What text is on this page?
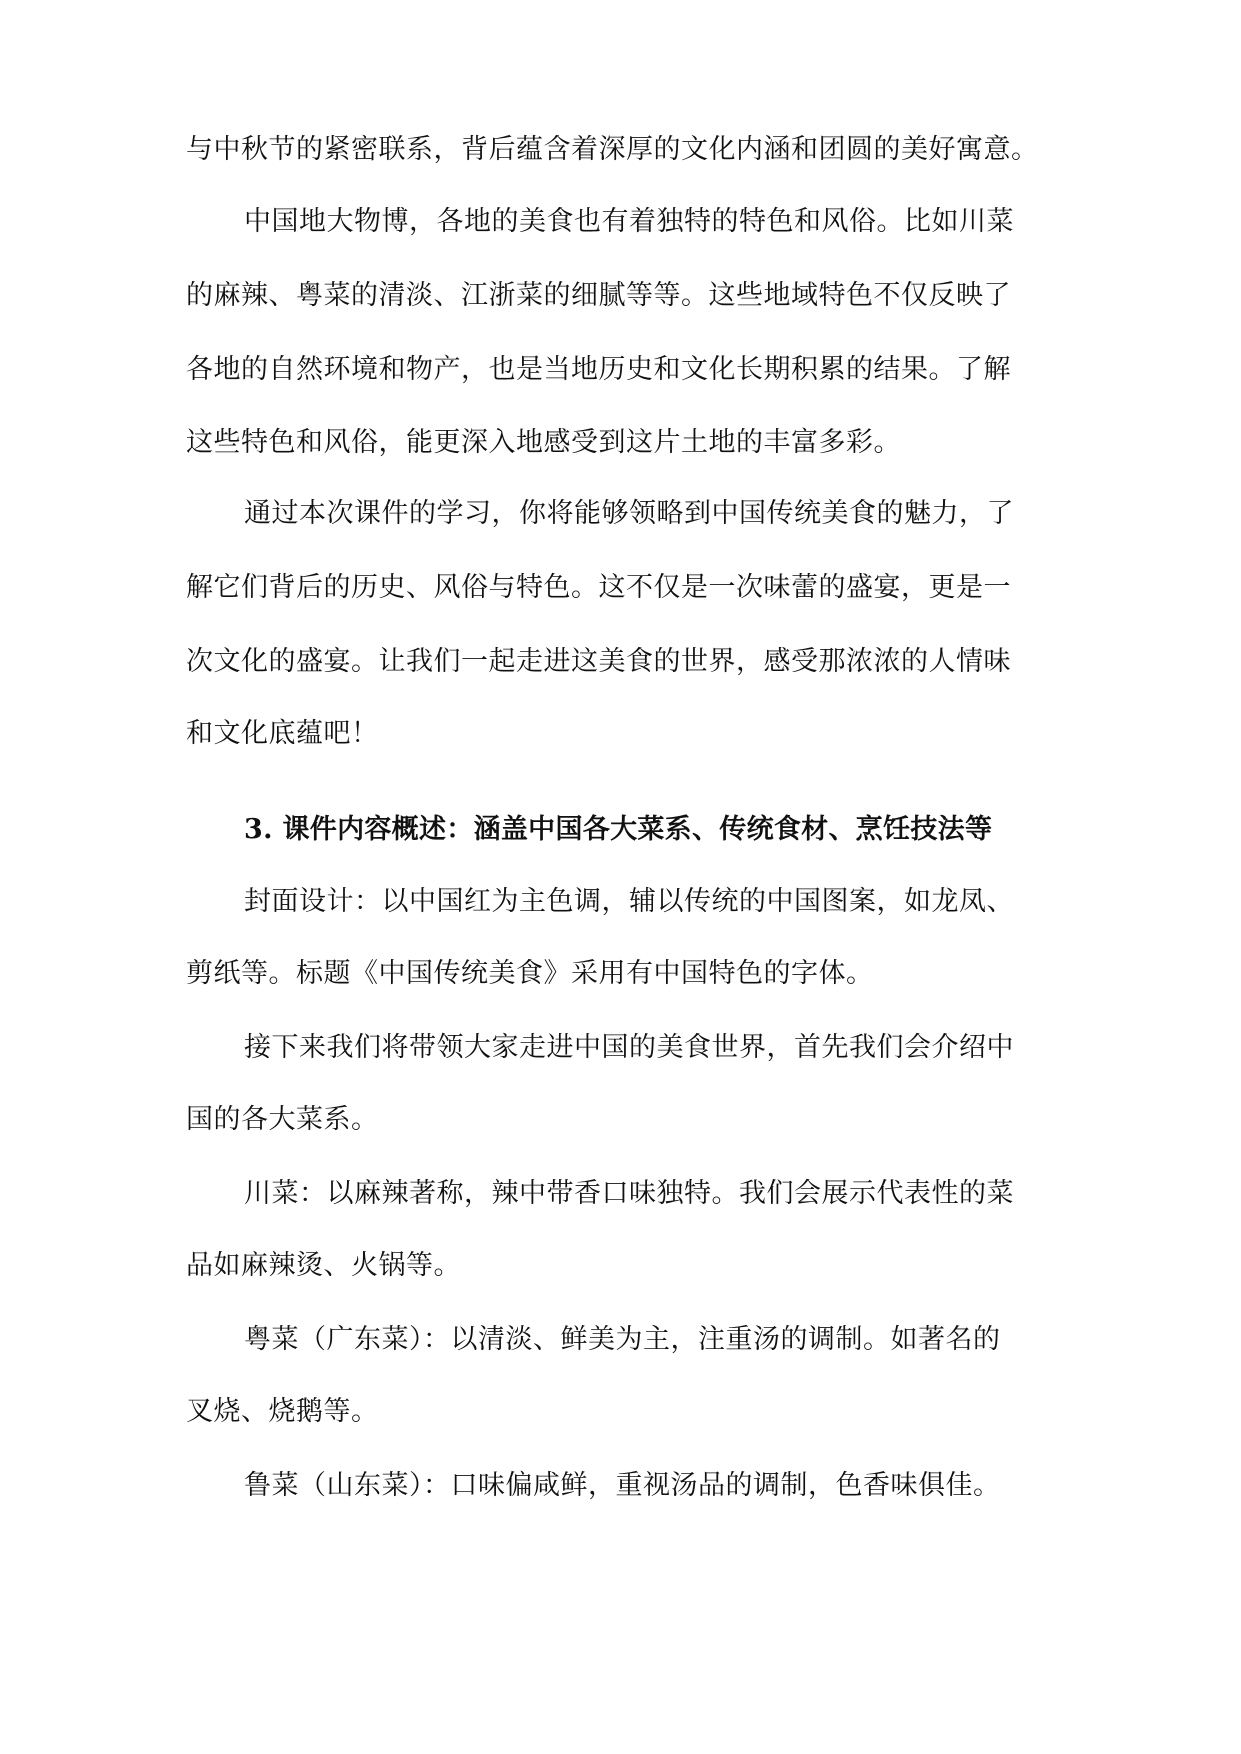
与中秋节的紧密联系，背后蕴含着深厚的文化内涵和团圆的美好寓意。
中国地大物博，各地的美食也有着独特的特色和风俗。比如川菜
的麻辣、粤菜的清淡、江浙菜的细腻等等。这些地域特色不仅反映了
各地的自然环境和物产，也是当地历史和文化长期积累的结果。了解
这些特色和风俗，能更深入地感受到这片土地的丰富多彩。
通过本次课件的学习，你将能够领略到中国传统美食的魅力，了
解它们背后的历史、风俗与特色。这不仅是一次味蕾的盛宴，更是一
次文化的盛宴。让我们一起走进这美食的世界，感受那浓浓的人情味
和文化底蕴吧！
3. 课件内容概述：涵盖中国各大菜系、传统食材、烹饪技法等
封面设计：以中国红为主色调，辅以传统的中国图案，如龙凤、
剪纸等。标题《中国传统美食》采用有中国特色的字体。
接下来我们将带领大家走进中国的美食世界，首先我们会介绍中
国的各大菜系。
川菜：以麻辣著称，辣中带香口味独特。我们会展示代表性的菜
品如麻辣烫、火锅等。
粤菜（广东菜）：以清淡、鲜美为主，注重汤的调制。如著名的
叉烧、烧鹅等。
鲁菜（山东菜）：口味偏咸鲜，重视汤品的调制，色香味俱佳。
